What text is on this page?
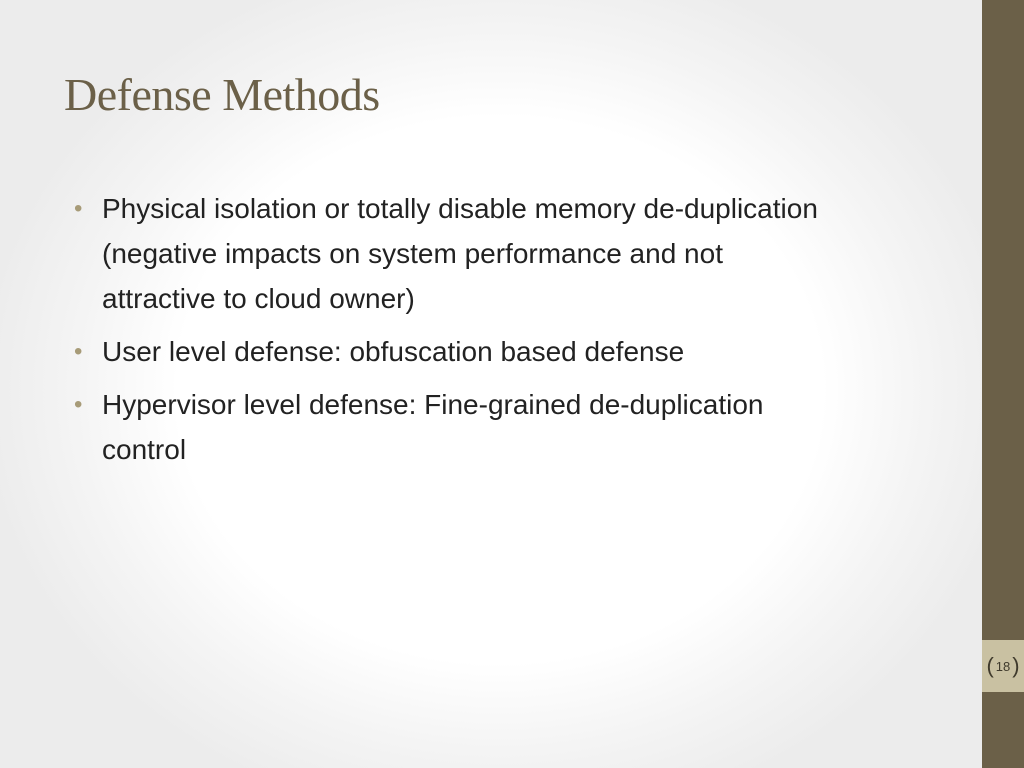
Defense Methods
• Physical isolation or totally disable memory de-duplication (negative impacts on system performance and not attractive to cloud owner)
• User level defense: obfuscation based defense
• Hypervisor level defense: Fine-grained de-duplication control
( 18 )
